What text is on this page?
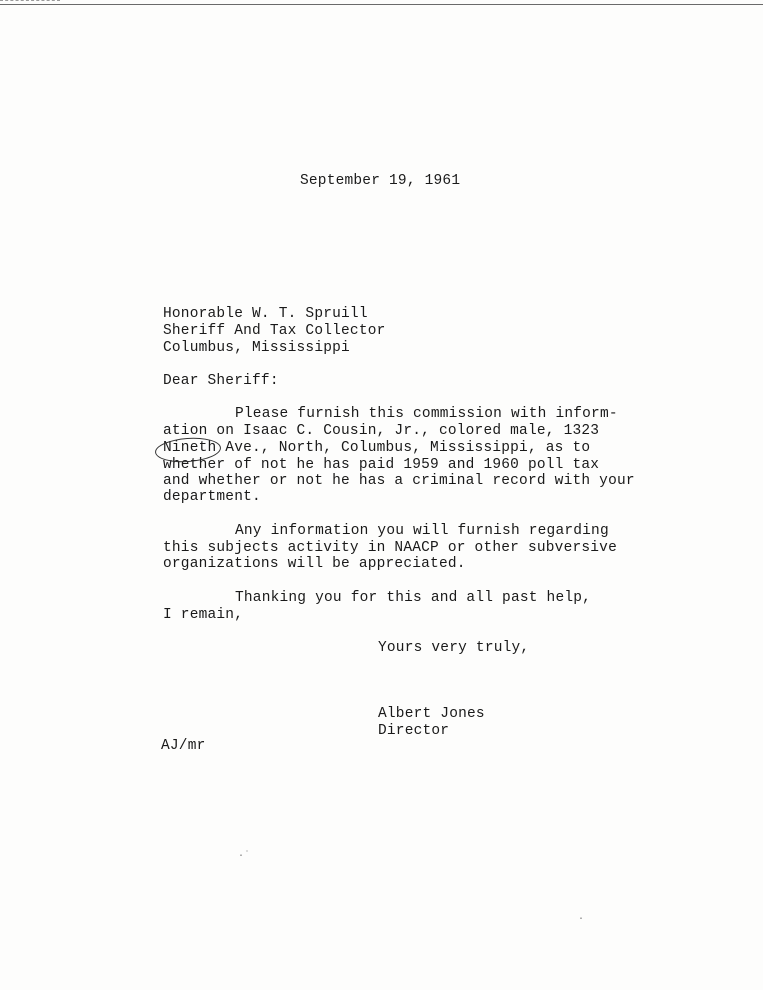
September 19, 1961
Honorable W. T. Spruill
Sheriff And Tax Collector
Columbus, Mississippi
Dear Sheriff:
Please furnish this commission with inform-
ation on Isaac C. Cousin, Jr., colored male, 1323
Nineth Ave., North, Columbus, Mississippi, as to
whether of not he has paid 1959 and 1960 poll tax
and whether or not he has a criminal record with your
department.
Any information you will furnish regarding
this subjects activity in NAACP or other subversive
organizations will be appreciated.
Thanking you for this and all past help,
I remain,
Yours very truly,
Albert Jones
Director
AJ/mr
·˙
·
